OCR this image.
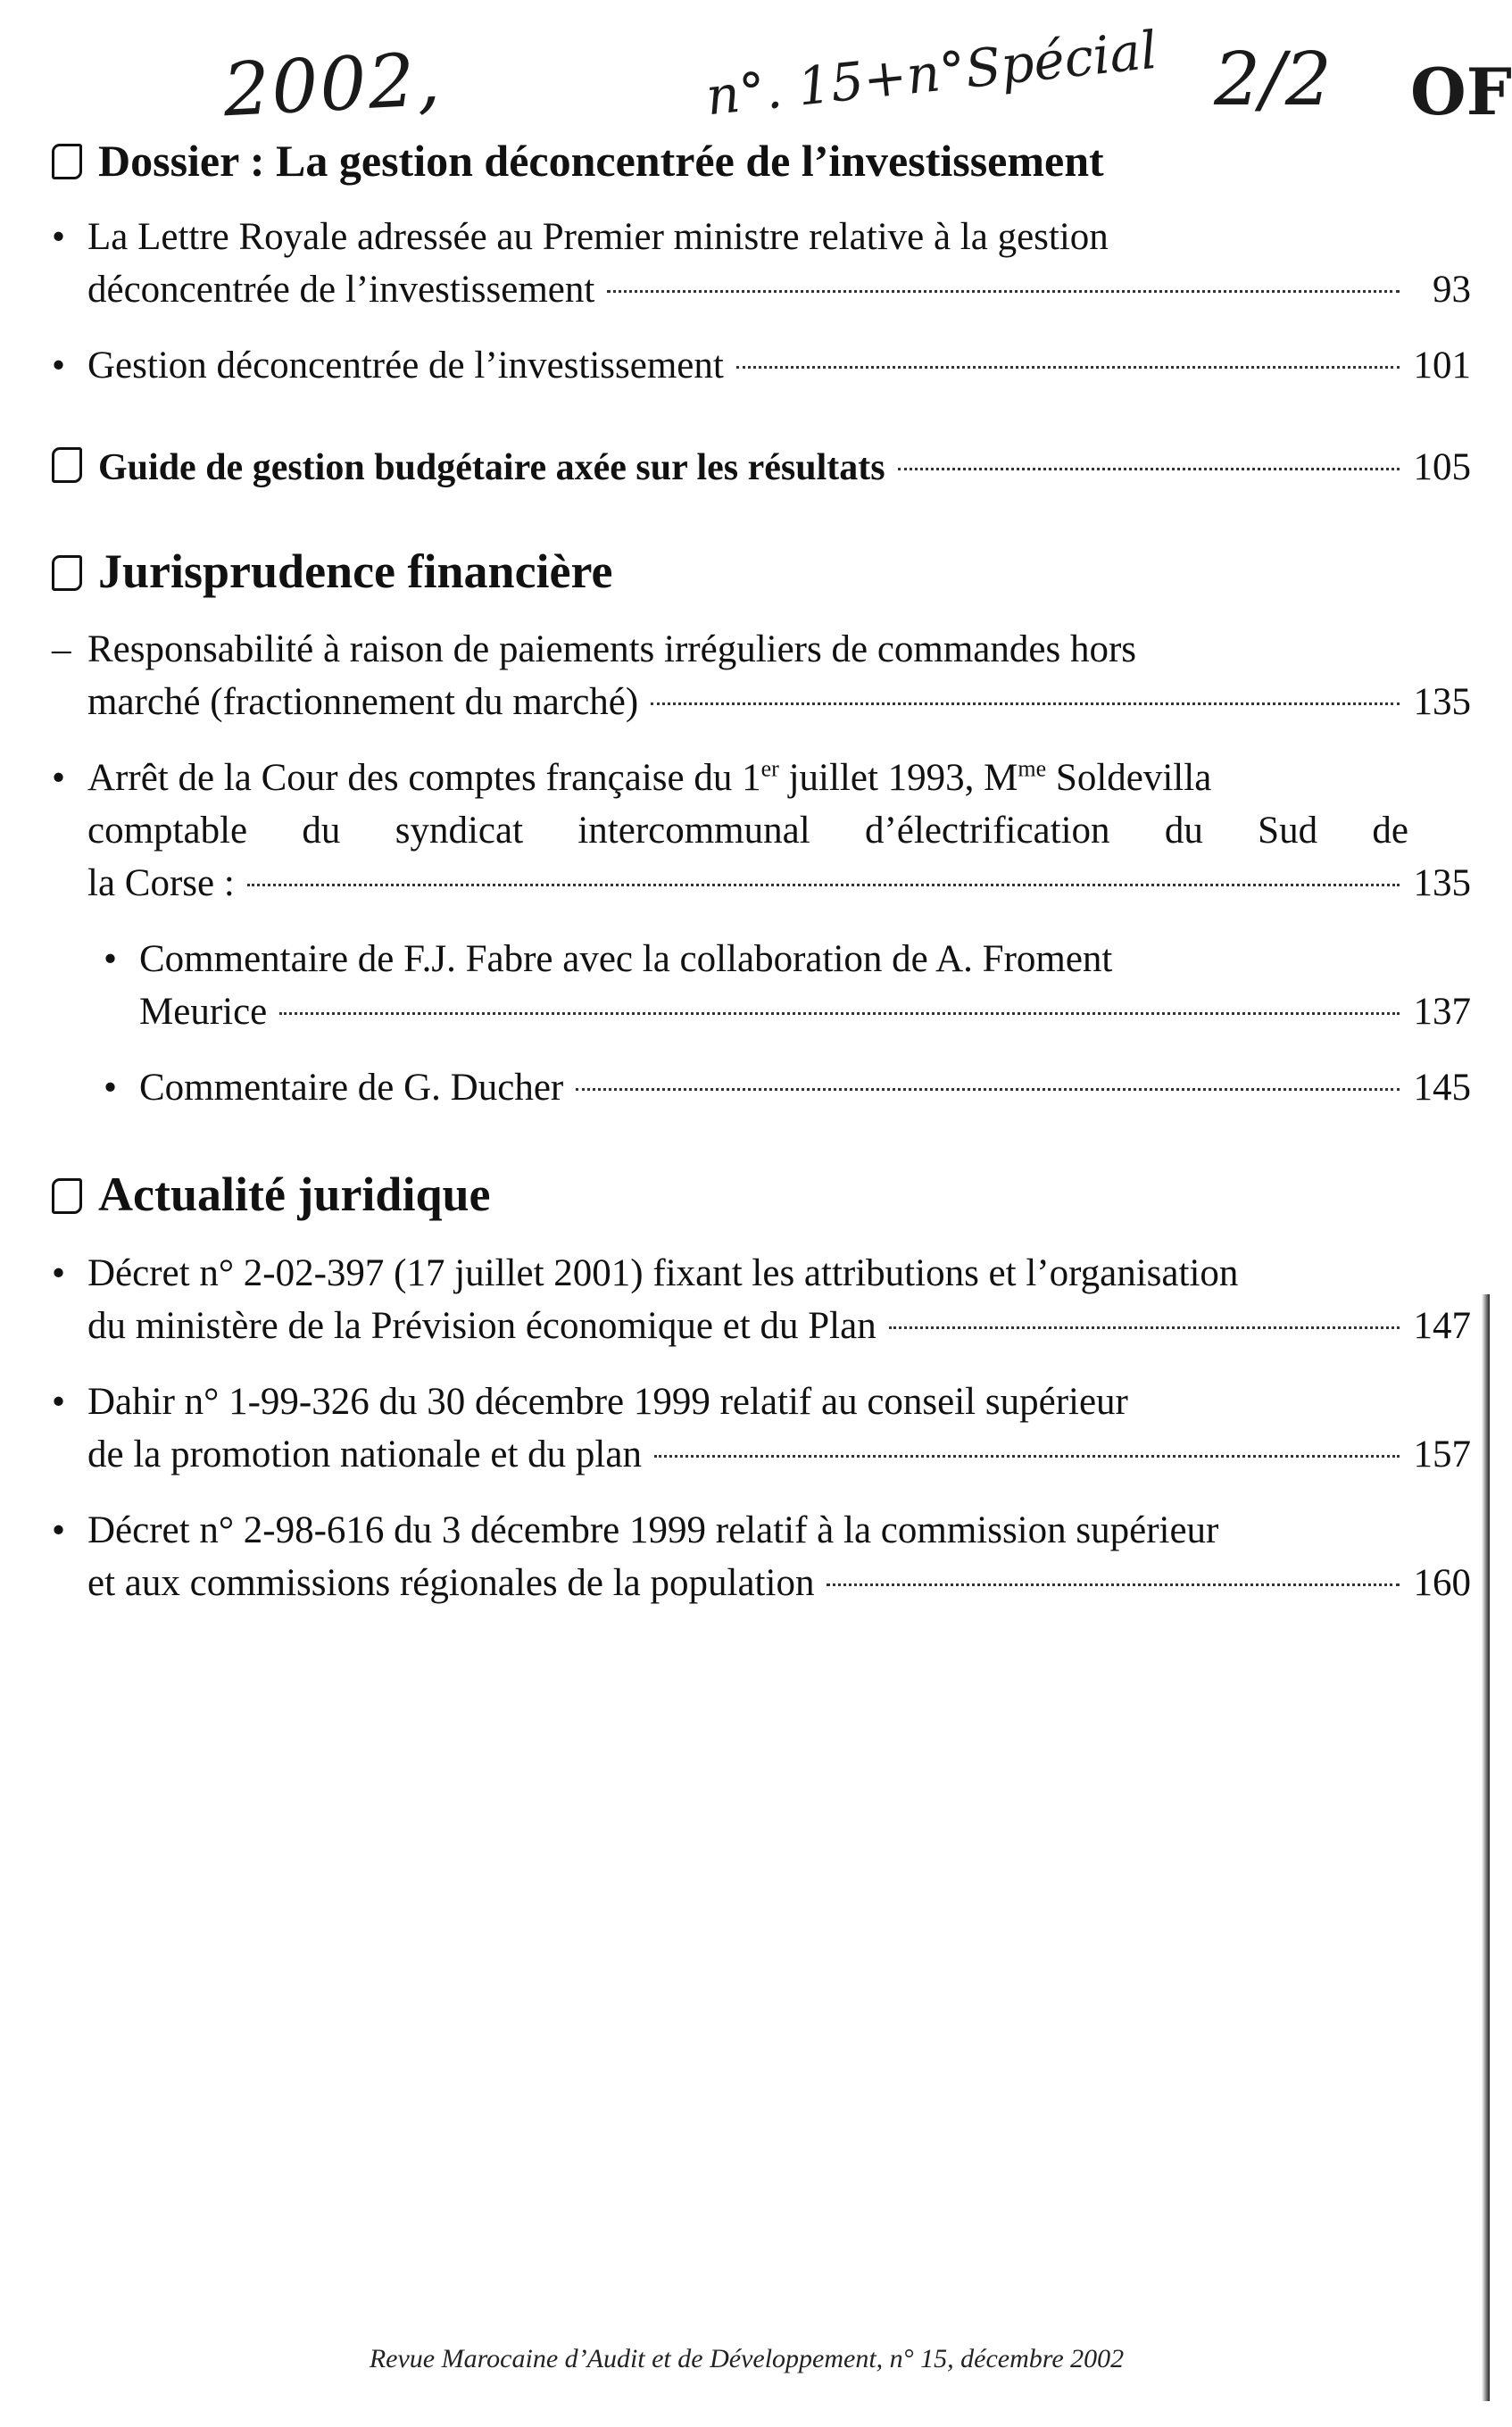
2002,	n°. 15+n°Spécial 2/2 OF
Dossier : La gestion déconcentrée de l’investissement
• La Lettre Royale adressée au Premier ministre relative à la gestion
déconcentrée de l’investissement	93
• Gestion déconcentrée de l’investissement	101
Guide de gestion budgétaire axée sur les résultats	105
Jurisprudence financière
– Responsabilité à raison de paiements irréguliers de commandes hors
marché (fractionnement du marché)	135
• Arrêt de la Cour des comptes française du 1er juillet 1993, $M^{me}$ Soldevilla
comptable du syndicat intercommunal d’électrification du Sud de
la Corse :	135
• Commentaire de F.J. Fabre avec la collaboration de A. Froment
Meurice	137
• Commentaire de G. Ducher	145
Actualité juridique
• Décret n° 2-02-397 (17 juillet 2001) fixant les attributions et l’organisation
du ministère de la Prévision économique et du Plan	147
• Dahir n° 1-99-326 du 30 décembre 1999 relatif au conseil supérieur
de la promotion nationale et du plan	157
• Décret n° 2-98-616 du 3 décembre 1999 relatif à la commission supérieur
et aux commissions régionales de la population	160
Revue Marocaine d’Audit et de Développement, n° 15, décembre 2002
